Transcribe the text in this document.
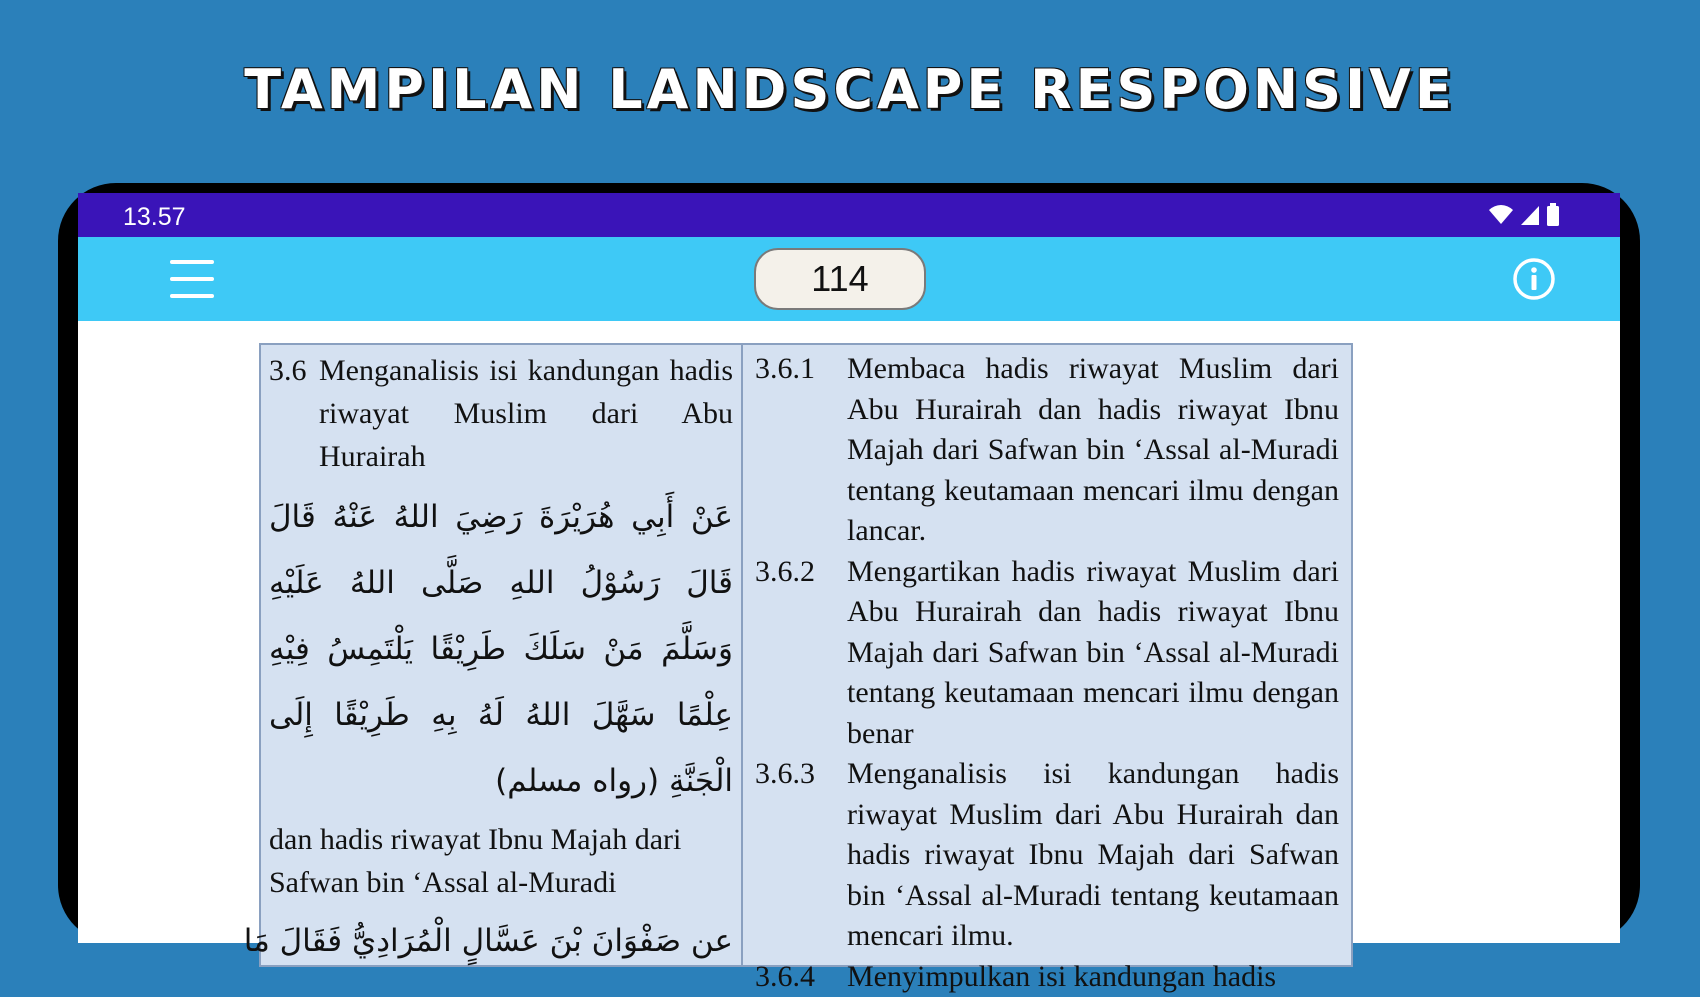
TAMPILAN LANDSCAPE RESPONSIVE
13.57
114
3.6 Menganalisis isi kandungan hadis riwayat Muslim dari Abu Hurairah
عَنْ أَبِي هُرَيْرَةَ رَضِيَ اللهُ عَنْهُ قَالَ قَالَ رَسُوْلُ اللهِ صَلَّى اللهُ عَلَيْهِ وَسَلَّمَ مَنْ سَلَكَ طَرِيْقًا يَلْتَمِسُ فِيْهِ عِلْمًا سَهَّلَ اللهُ لَهُ بِهِ طَرِيْقًا إِلَى الْجَنَّةِ (رواه مسلم)
dan hadis riwayat Ibnu Majah dari Safwan bin ‘Assal al-Muradi
عن صَفْوَانَ بْنَ عَسَّالٍ الْمُرَادِيُّ فَقَالَ مَا
3.6.1	Membaca hadis riwayat Muslim dari Abu Hurairah dan hadis riwayat Ibnu Majah dari Safwan bin ‘Assal al-Muradi tentang keutamaan mencari ilmu dengan lancar.
3.6.2	Mengartikan hadis riwayat Muslim dari Abu Hurairah dan hadis riwayat Ibnu Majah dari Safwan bin ‘Assal al-Muradi tentang keutamaan mencari ilmu dengan benar
3.6.3	Menganalisis isi kandungan hadis riwayat Muslim dari Abu Hurairah dan hadis riwayat Ibnu Majah dari Safwan bin ‘Assal al-Muradi tentang keutamaan mencari ilmu.
3.6.4	Menyimpulkan isi kandungan hadis
